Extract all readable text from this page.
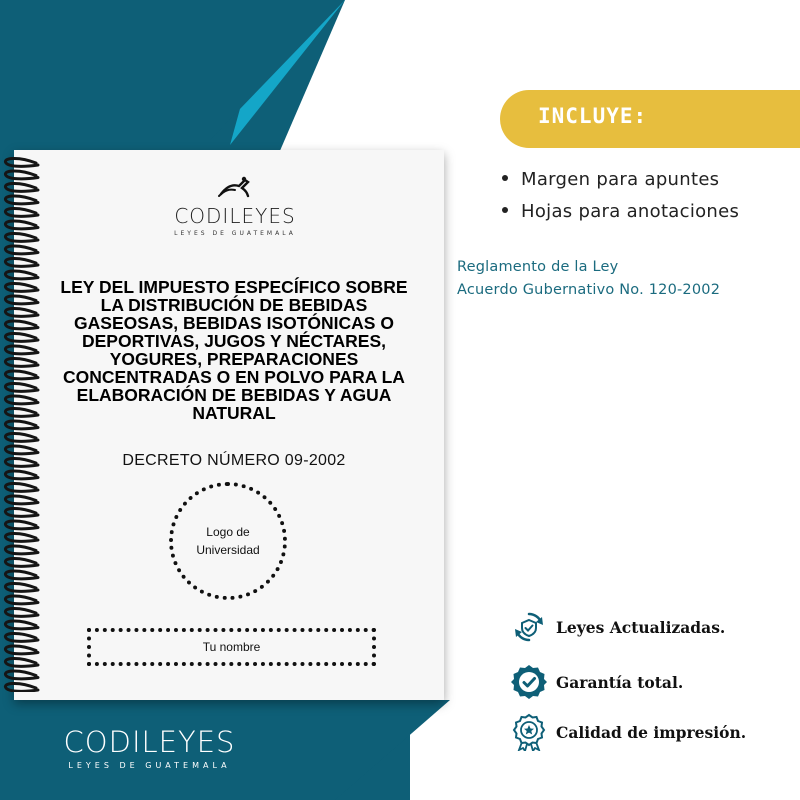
CODILEYES
LEYES DE GUATEMALA
LEY DEL IMPUESTO ESPECÍFICO SOBRE LA DISTRIBUCIÓN DE BEBIDAS GASEOSAS, BEBIDAS ISOTÓNICAS O DEPORTIVAS, JUGOS Y NÉCTARES, YOGURES, PREPARACIONES CONCENTRADAS O EN POLVO PARA LA ELABORACIÓN DE BEBIDAS Y AGUA NATURAL
DECRETO NÚMERO 09-2002
Logo de Universidad
Tu nombre
INCLUYE:
Margen para apuntes
Hojas para anotaciones
Reglamento de la Ley
Acuerdo Gubernativo No. 120-2002
Leyes Actualizadas.
Garantía total.
Calidad de impresión.
CODILEYES
LEYES DE GUATEMALA
